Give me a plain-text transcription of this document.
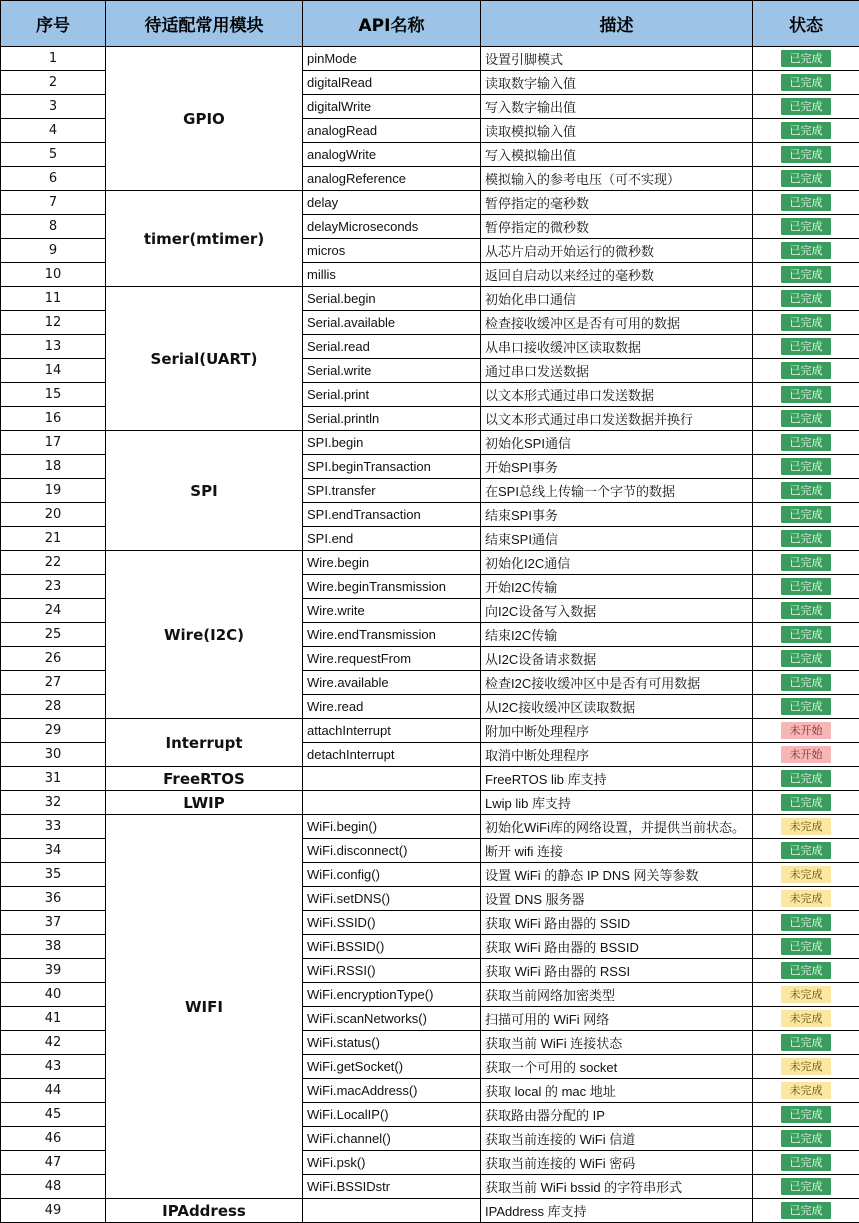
序号	待适配常用模块	API名称	描述	状态
1	GPIO	pinMode	设置引脚模式	已完成
2		digitalRead	读取数字输入值	已完成
3		digitalWrite	写入数字输出值	已完成
4		analogRead	读取模拟输入值	已完成
5		analogWrite	写入模拟输出值	已完成
6		analogReference	模拟输入的参考电压（可不实现）	已完成
7	timer(mtimer)	delay	暂停指定的毫秒数	已完成
8		delayMicroseconds	暂停指定的微秒数	已完成
9		micros	从芯片启动开始运行的微秒数	已完成
10		millis	返回自启动以来经过的毫秒数	已完成
11	Serial(UART)	Serial.begin	初始化串口通信	已完成
12		Serial.available	检查接收缓冲区是否有可用的数据	已完成
13		Serial.read	从串口接收缓冲区读取数据	已完成
14		Serial.write	通过串口发送数据	已完成
15		Serial.print	以文本形式通过串口发送数据	已完成
16		Serial.println	以文本形式通过串口发送数据并换行	已完成
17	SPI	SPI.begin	初始化SPI通信	已完成
18		SPI.beginTransaction	开始SPI事务	已完成
19		SPI.transfer	在SPI总线上传输一个字节的数据	已完成
20		SPI.endTransaction	结束SPI事务	已完成
21		SPI.end	结束SPI通信	已完成
22	Wire(I2C)	Wire.begin	初始化I2C通信	已完成
23		Wire.beginTransmission	开始I2C传输	已完成
24		Wire.write	向I2C设备写入数据	已完成
25		Wire.endTransmission	结束I2C传输	已完成
26		Wire.requestFrom	从I2C设备请求数据	已完成
27		Wire.available	检查I2C接收缓冲区中是否有可用数据	已完成
28		Wire.read	从I2C接收缓冲区读取数据	已完成
29	Interrupt	attachInterrupt	附加中断处理程序	未开始
30		detachInterrupt	取消中断处理程序	未开始
31	FreeRTOS		FreeRTOS lib 库支持	已完成
32	LWIP		Lwip lib 库支持	已完成
33	WIFI	WiFi.begin()	初始化WiFi库的网络设置，并提供当前状态。	未完成
34		WiFi.disconnect()	断开 wifi 连接	已完成
35		WiFi.config()	设置 WiFi 的静态 IP DNS 网关等参数	未完成
36		WiFi.setDNS()	设置 DNS 服务器	未完成
37		WiFi.SSID()	获取 WiFi 路由器的 SSID	已完成
38		WiFi.BSSID()	获取 WiFi 路由器的 BSSID	已完成
39		WiFi.RSSI()	获取 WiFi 路由器的 RSSI	已完成
40		WiFi.encryptionType()	获取当前网络加密类型	未完成
41		WiFi.scanNetworks()	扫描可用的 WiFi 网络	未完成
42		WiFi.status()	获取当前 WiFi 连接状态	已完成
43		WiFi.getSocket()	获取一个可用的 socket	未完成
44		WiFi.macAddress()	获取 local 的 mac 地址	未完成
45		WiFi.LocalIP()	获取路由器分配的 IP	已完成
46		WiFi.channel()	获取当前连接的 WiFi 信道	已完成
47		WiFi.psk()	获取当前连接的 WiFi 密码	已完成
48		WiFi.BSSIDstr	获取当前 WiFi bssid 的字符串形式	已完成
49	IPAddress		IPAddress 库支持	已完成
